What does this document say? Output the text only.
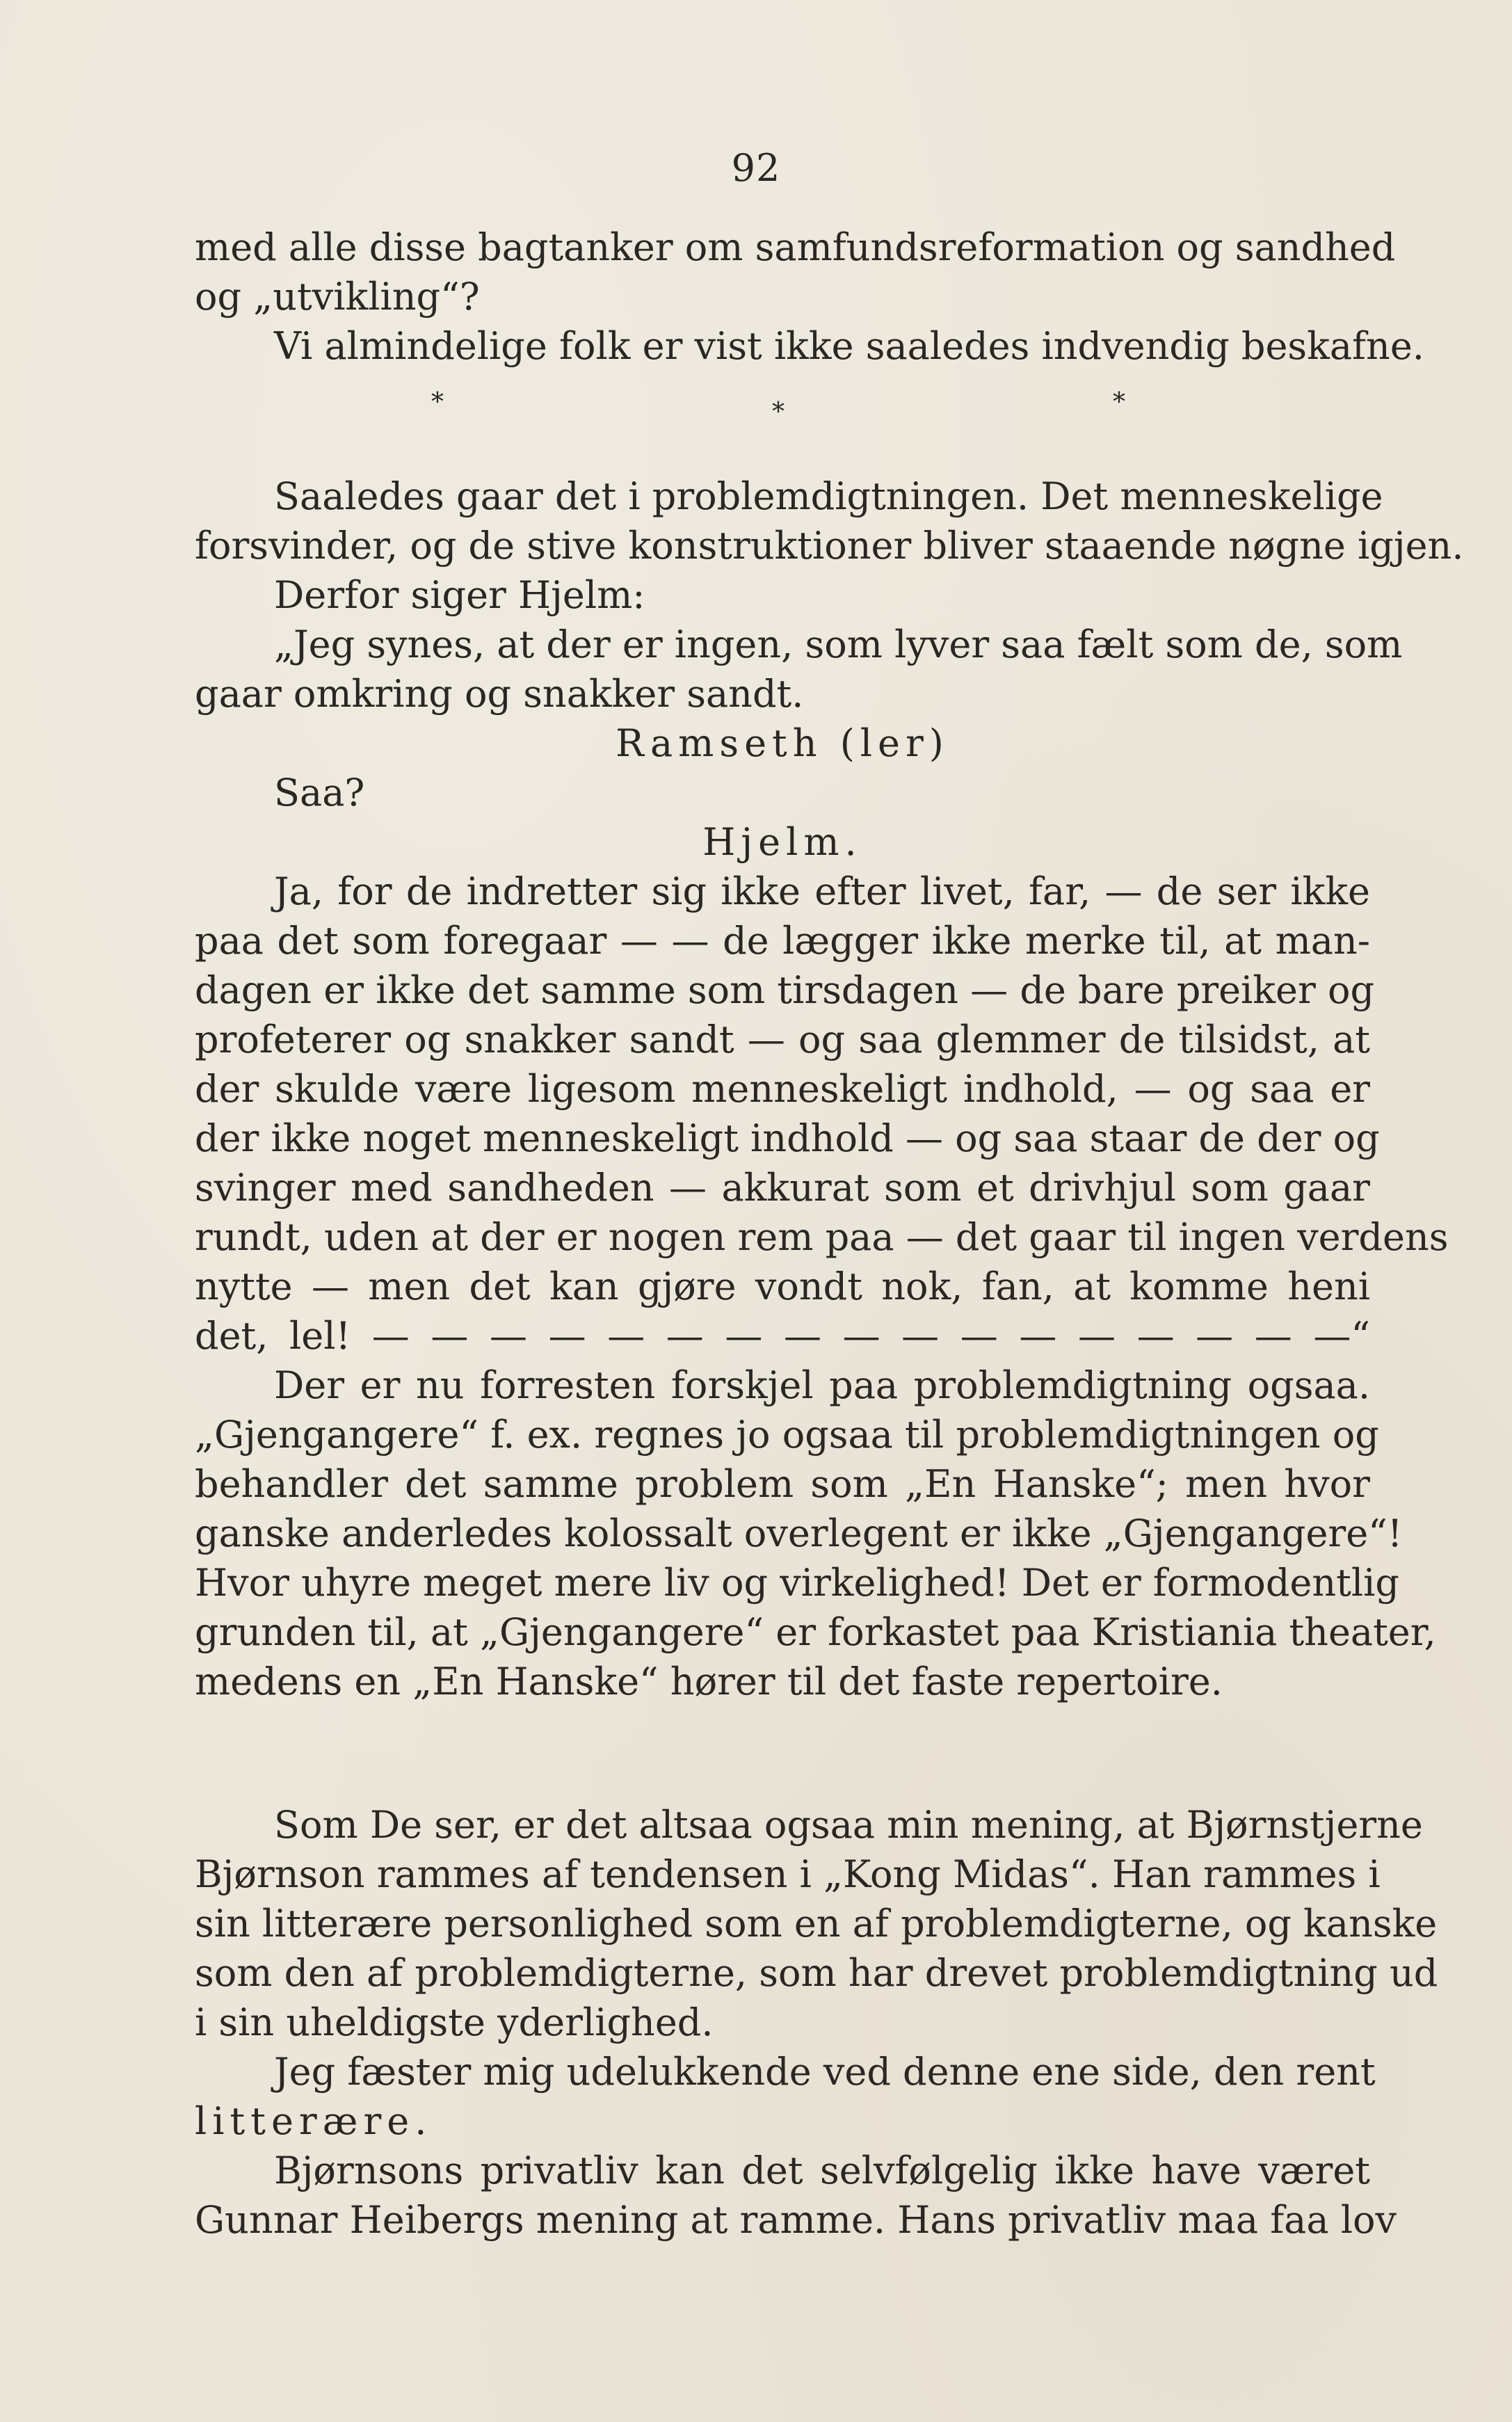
92
med alle disse bagtanker om samfundsreformation og sandhed
og „utvikling“?
Vi almindelige folk er vist ikke saaledes indvendig beskafne.
*	*	*
Saaledes gaar det i problemdigtningen. Det menneskelige
forsvinder, og de stive konstruktioner bliver staaende nøgne igjen.
Derfor siger Hjelm:
„Jeg synes, at der er ingen, som lyver saa fælt som de, som
gaar omkring og snakker sandt.
Ramseth (ler)
Saa?
Hjelm.
Ja, for de indretter sig ikke efter livet, far, — de ser ikke
paa det som foregaar — — de lægger ikke merke til, at man-
dagen er ikke det samme som tirsdagen — de bare preiker og
profeterer og snakker sandt — og saa glemmer de tilsidst, at
der skulde være ligesom menneskeligt indhold, — og saa er
der ikke noget menneskeligt indhold — og saa staar de der og
svinger med sandheden — akkurat som et drivhjul som gaar
rundt, uden at der er nogen rem paa — det gaar til ingen verdens
nytte — men det kan gjøre vondt nok, fan, at komme heni
det, lel! — — — — — — — — — — — — — — — — —“
Der er nu forresten forskjel paa problemdigtning ogsaa.
„Gjengangere“ f. ex. regnes jo ogsaa til problemdigtningen og
behandler det samme problem som „En Hanske“; men hvor
ganske anderledes kolossalt overlegent er ikke „Gjengangere“!
Hvor uhyre meget mere liv og virkelighed! Det er formodentlig
grunden til, at „Gjengangere“ er forkastet paa Kristiania theater,
medens en „En Hanske“ hører til det faste repertoire.
Som De ser, er det altsaa ogsaa min mening, at Bjørnstjerne
Bjørnson rammes af tendensen i „Kong Midas“. Han rammes i
sin litterære personlighed som en af problemdigterne, og kanske
som den af problemdigterne, som har drevet problemdigtning ud
i sin uheldigste yderlighed.
Jeg fæster mig udelukkende ved denne ene side, den rent
litterære.
Bjørnsons privatliv kan det selvfølgelig ikke have været
Gunnar Heibergs mening at ramme. Hans privatliv maa faa lov
